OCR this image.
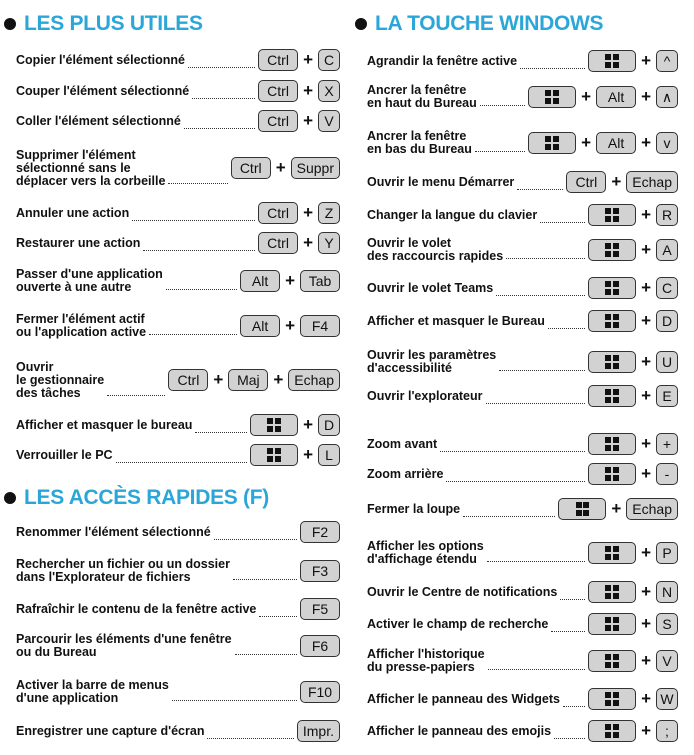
LES PLUS UTILES
Copier l'élément sélectionné	Ctrl + C
Couper l'élément sélectionné	Ctrl + X
Coller l'élément sélectionné	Ctrl + V
Supprimer l'élément
sélectionné sans le
déplacer vers la corbeille
Ctrl + Suppr
Annuler une action	Ctrl + Z
Restaurer une action	Ctrl + Y
Passer d'une application
ouverte à une autre	Alt + Tab
Fermer l'élément actif
ou l'application active	Alt +	F4
Ouvrir
le gestionnaire
des tâches
Ctrl + Maj + Echap
Afficher et masquer le bureau	+ D
Verrouiller le PC	+ L
LES ACCÈS RAPIDES (F)
Renommer l'élément sélectionné	F2
Rechercher un fichier ou un dossier
dans l'Explorateur de fichiers	F3
Rafraîchir le contenu de la fenêtre active	F5
Parcourir les éléments d'une fenêtre
ou du Bureau	F6
Activer la barre de menus
d'une application	F10
Enregistrer une capture d'écran	Impr.
LA TOUCHE WINDOWS
Agrandir la fenêtre active	+ ^
Ancrer la fenêtre
en haut du Bureau	+	Alt + ∧
Ancrer la fenêtre
en bas du Bureau	+	Alt + v
Ouvrir le menu Démarrer	Ctrl + Echap
Changer la langue du clavier	+ R
Ouvrir le volet
des raccourcis rapides	+ A
Ouvrir le volet Teams	+ C
Afficher et masquer le Bureau	+ D
Ouvrir les paramètres
d'accessibilité	+ U
Ouvrir l'explorateur	+ E
Zoom avant	+ +
Zoom arrière	+ -
Fermer la loupe	+ Echap
Afficher les options
d'affichage étendu	+ P
Ouvrir le Centre de notifications	+ N
Activer le champ de recherche	+ S
Afficher l'historique
du presse-papiers	+ V
Afficher le panneau des Widgets	+ W
Afficher le panneau des emojis	+	;
